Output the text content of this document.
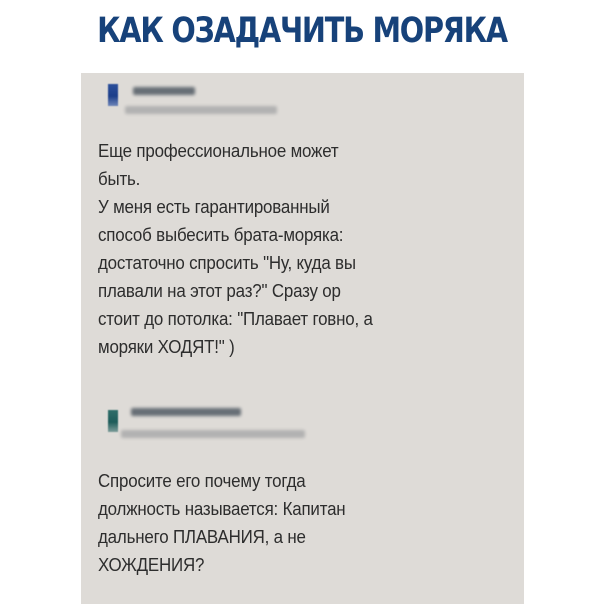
КАК ОЗАДАЧИТЬ МОРЯКА
Еще профессиональное может
быть.
У меня есть гарантированный
способ выбесить брата-моряка:
достаточно спросить "Ну, куда вы
плавали на этот раз?" Сразу ор
стоит до потолка: "Плавает говно, а
моряки ХОДЯТ!" )
Спросите его почему тогда
должность называется: Капитан
дальнего ПЛАВАНИЯ, а не
ХОЖДЕНИЯ?
